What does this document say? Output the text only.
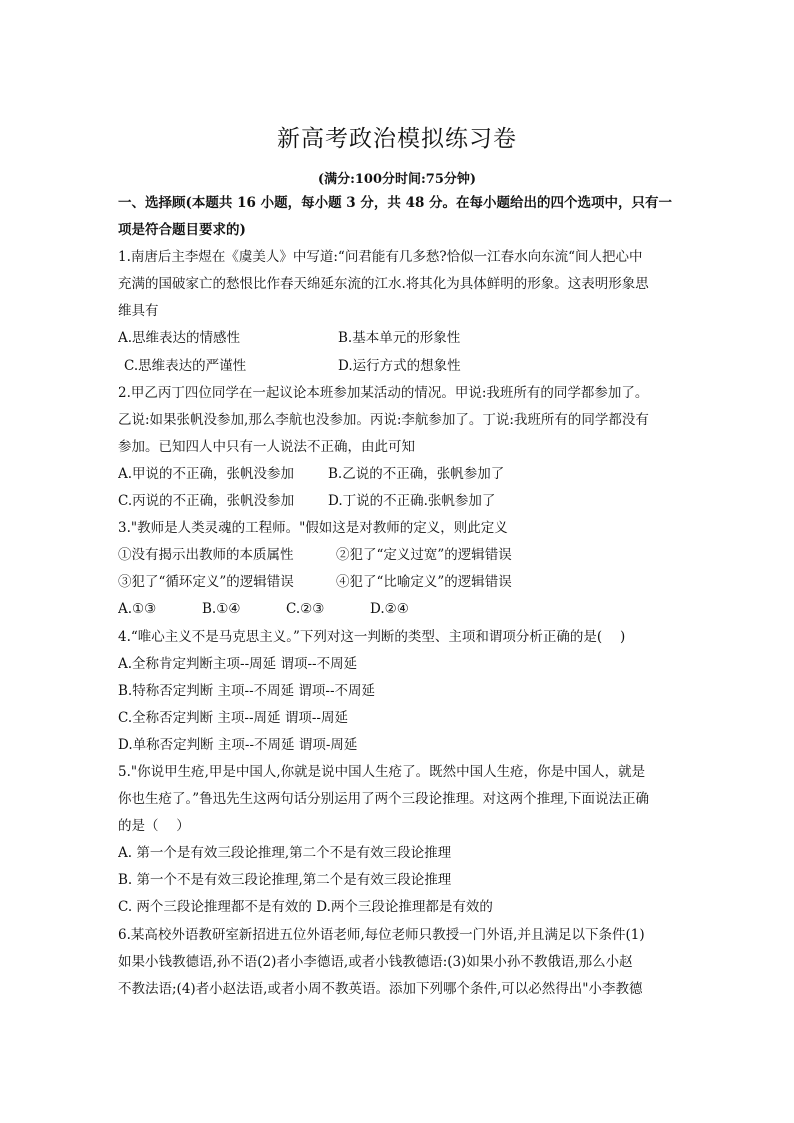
新高考政治模拟练习卷
(满分:100分时间:75分钟)
一、选择顾(本题共 16 小题，每小题 3 分，共 48 分。在每小题给出的四个选项中，只有一
项是符合题目要求的)
1.南唐后主李煜在《虞美人》中写道:“问君能有几多愁?恰似一江春水向东流“间人把心中
充满的国破家亡的愁恨比作春天绵延东流的江水.将其化为具体鲜明的形象。这表明形象思
维具有
A.思维表达的情感性	B.基本单元的形象性
C.思维表达的严谨性	D.运行方式的想象性
2.甲乙丙丁四位同学在一起议论本班参加某活动的情况。甲说:我班所有的同学都参加了。
乙说:如果张帆没参加,那么李航也没参加。丙说:李航参加了。丁说:我班所有的同学都没有
参加。已知四人中只有一人说法不正确，由此可知
A.甲说的不正确，张帆没参加	B.乙说的不正确，张帆参加了
C.丙说的不正确，张帆没参加	D.丁说的不正确.张帆参加了
3."教师是人类灵魂的工程师。"假如这是对教师的定义，则此定义
①没有揭示出教师的本质属性	②犯了“定义过宽”的逻辑错误
③犯了“循环定义”的逻辑错误	④犯了“比喻定义”的逻辑错误
A.①③	B.①④	C.②③	D.②④
4.“唯心主义不是马克思主义。”下列对这一判断的类型、主项和谓项分析正确的是(　 )
A.全称肯定判断主项--周延 谓项--不周延
B.特称否定判断 主项--不周延 谓项--不周延
C.全称否定判断 主项--周延 谓项--周延
D.单称否定判断 主项--不周延 谓项-周延
5."你说甲生疮,甲是中国人,你就是说中国人生疮了。既然中国人生疮，你是中国人，就是
你也生疮了。”鲁迅先生这两句话分别运用了两个三段论推理。对这两个推理,下面说法正确
的是（　 ）
A. 第一个是有效三段论推理,第二个不是有效三段论推理
B. 第一个不是有效三段论推理,第二个是有效三段论推理
C. 两个三段论推理都不是有效的 D.两个三段论推理都是有效的
6.某高校外语教研室新招进五位外语老师,每位老师只教授一门外语,并且满足以下条件(1)
如果小钱教德语,孙不语(2)者小李德语,或者小钱教德语:(3)如果小孙不教俄语,那么小赵
不教法语;(4)者小赵法语,或者小周不教英语。添加下列哪个条件,可以必然得出"小李教德
